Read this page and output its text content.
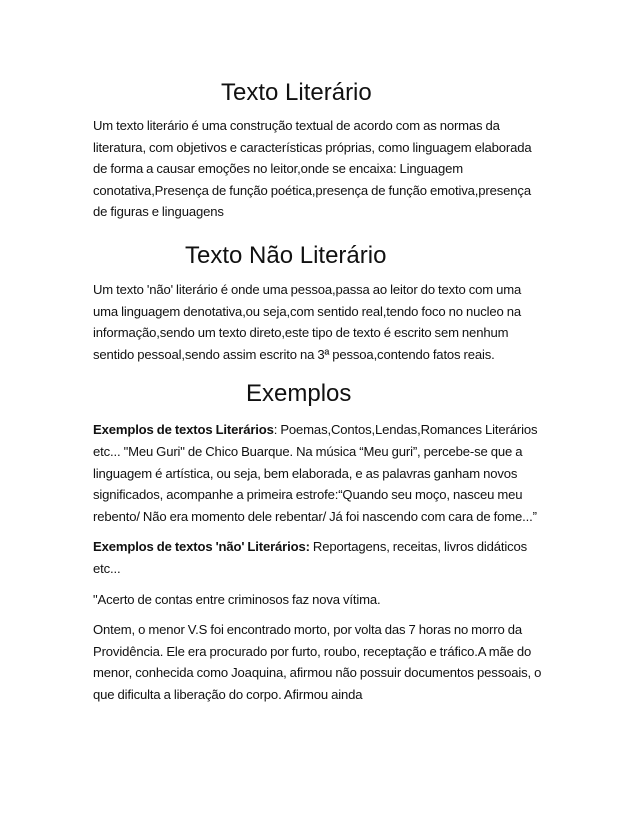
Texto Literário

Um texto literário é uma construção textual de acordo com as normas da literatura, com objetivos e características próprias, como linguagem elaborada de forma a causar emoções no leitor,onde se encaixa: Linguagem conotativa,Presença de função poética,presença de função emotiva,presença de figuras e linguagens

Texto Não Literário

Um texto 'não' literário é onde uma pessoa,passa ao leitor do texto com uma uma linguagem denotativa,ou seja,com sentido real,tendo foco no nucleo na informação,sendo um texto direto,este tipo de texto é escrito sem nenhum sentido pessoal,sendo assim escrito na 3ª pessoa,contendo fatos reais.

Exemplos

Exemplos de textos Literários: Poemas,Contos,Lendas,Romances Literários etc... "Meu Guri" de Chico Buarque. Na música “Meu guri”, percebe-se que a linguagem é artística, ou seja, bem elaborada, e as palavras ganham novos significados, acompanhe a primeira estrofe:“Quando seu moço, nasceu meu rebento/ Não era momento dele rebentar/ Já foi nascendo com cara de fome...”

Exemplos de textos 'não' Literários: Reportagens, receitas, livros didáticos etc...

"Acerto de contas entre criminosos faz nova vítima.

Ontem, o menor V.S foi encontrado morto, por volta das 7 horas no morro da Providência. Ele era procurado por furto, roubo, receptação e tráfico.A mãe do menor, conhecida como Joaquina, afirmou não possuir documentos pessoais, o que dificulta a liberação do corpo. Afirmou ainda
